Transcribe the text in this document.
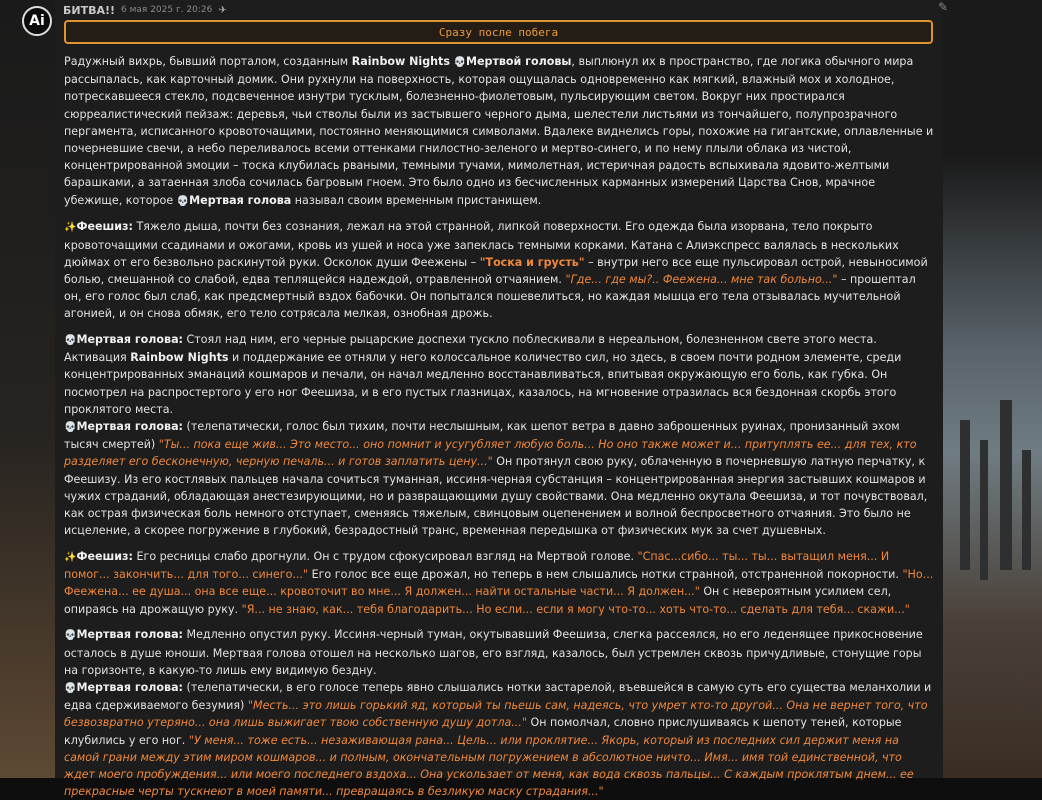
Ai
БИТВА!! 6 мая 2025 г. 20:26 ✈	✎
Сразу после побега

Радужный вихрь, бывший порталом, созданным Rainbow Nights 💀Мертвой головы, выплюнул их в пространство, где логика обычного мира рассыпалась, как карточный домик. Они рухнули на поверхность, которая ощущалась одновременно как мягкий, влажный мох и холодное, потрескавшееся стекло, подсвеченное изнутри тусклым, болезненно-фиолетовым, пульсирующим светом. Вокруг них простирался сюрреалистический пейзаж: деревья, чьи стволы были из застывшего черного дыма, шелестели листьями из тончайшего, полупрозрачного пергамента, исписанного кровоточащими, постоянно меняющимися символами. Вдалеке виднелись горы, похожие на гигантские, оплавленные и почерневшие свечи, а небо переливалось всеми оттенками гнилостно-зеленого и мертво-синего, и по нему плыли облака из чистой, концентрированной эмоции – тоска клубилась рваными, темными тучами, мимолетная, истеричная радость вспыхивала ядовито-желтыми барашками, а затаенная злоба сочилась багровым гноем. Это было одно из бесчисленных карманных измерений Царства Снов, мрачное убежище, которое 💀Мертвая голова называл своим временным пристанищем.

✨Феешиз: Тяжело дыша, почти без сознания, лежал на этой странной, липкой поверхности. Его одежда была изорвана, тело покрыто кровоточащими ссадинами и ожогами, кровь из ушей и носа уже запеклась темными корками. Катана с Алиэкспресс валялась в нескольких дюймах от его безвольно раскинутой руки. Осколок души Феежены – "Тоска и грусть" – внутри него все еще пульсировал острой, невыносимой болью, смешанной со слабой, едва теплящейся надеждой, отравленной отчаянием. "Где... где мы?.. Феежена... мне так больно..." – прошептал он, его голос был слаб, как предсмертный вздох бабочки. Он попытался пошевелиться, но каждая мышца его тела отзывалась мучительной агонией, и он снова обмяк, его тело сотрясала мелкая, ознобная дрожь.

💀Мертвая голова: Стоял над ним, его черные рыцарские доспехи тускло поблескивали в нереальном, болезненном свете этого места. Активация Rainbow Nights и поддержание ее отняли у него колоссальное количество сил, но здесь, в своем почти родном элементе, среди концентрированных эманаций кошмаров и печали, он начал медленно восстанавливаться, впитывая окружающую его боль, как губка. Он посмотрел на распростертого у его ног Феешиза, и в его пустых глазницах, казалось, на мгновение отразилась вся бездонная скорбь этого проклятого места.

💀Мертвая голова: (телепатически, голос был тихим, почти неслышным, как шепот ветра в давно заброшенных руинах, пронизанный эхом тысяч смертей) "Ты... пока еще жив... Это место... оно помнит и усугубляет любую боль... Но оно также может и... притуплять ее... для тех, кто разделяет его бесконечную, черную печаль... и готов заплатить цену..." Он протянул свою руку, облаченную в почерневшую латную перчатку, к Феешизу. Из его костлявых пальцев начала сочиться туманная, иссиня-черная субстанция – концентрированная энергия застывших кошмаров и чужих страданий, обладающая анестезирующими, но и развращающими душу свойствами. Она медленно окутала Феешиза, и тот почувствовал, как острая физическая боль немного отступает, сменяясь тяжелым, свинцовым оцепенением и волной беспросветного отчаяния. Это было не исцеление, а скорее погружение в глубокий, безрадостный транс, временная передышка от физических мук за счет душевных.

✨Феешиз: Его ресницы слабо дрогнули. Он с трудом сфокусировал взгляд на Мертвой голове. "Спас...сибо... ты... ты... вытащил меня... И помог... закончить... для того... синего..." Его голос все еще дрожал, но теперь в нем слышались нотки странной, отстраненной покорности. "Но... Феежена... ее душа... она все еще... кровоточит во мне... Я должен... найти остальные части... Я должен..." Он с невероятным усилием сел, опираясь на дрожащую руку. "Я... не знаю, как... тебя благодарить... Но если... если я могу что-то... хоть что-то... сделать для тебя... скажи..."

💀Мертвая голова: Медленно опустил руку. Иссиня-черный туман, окутывавший Феешиза, слегка рассеялся, но его леденящее прикосновение осталось в душе юноши. Мертвая голова отошел на несколько шагов, его взгляд, казалось, был устремлен сквозь причудливые, стонущие горы на горизонте, в какую-то лишь ему видимую бездну.

💀Мертвая голова: (телепатически, в его голосе теперь явно слышались нотки застарелой, въевшейся в самую суть его существа меланхолии и едва сдерживаемого безумия) "Месть... это лишь горький яд, который ты пьешь сам, надеясь, что умрет кто-то другой... Она не вернет того, что безвозвратно утеряно... она лишь выжигает твою собственную душу дотла..." Он помолчал, словно прислушиваясь к шепоту теней, которые клубились у его ног. "У меня... тоже есть... незаживающая рана... Цель... или проклятие... Якорь, который из последних сил держит меня на самой грани между этим миром кошмаров... и полным, окончательным погружением в абсолютное ничто... Имя... имя той единственной, что ждет моего пробуждения... или моего последнего вздоха... Она ускользает от меня, как вода сквозь пальцы... С каждым проклятым днем... ее прекрасные черты тускнеют в моей памяти... превращаясь в безликую маску страдания..."
